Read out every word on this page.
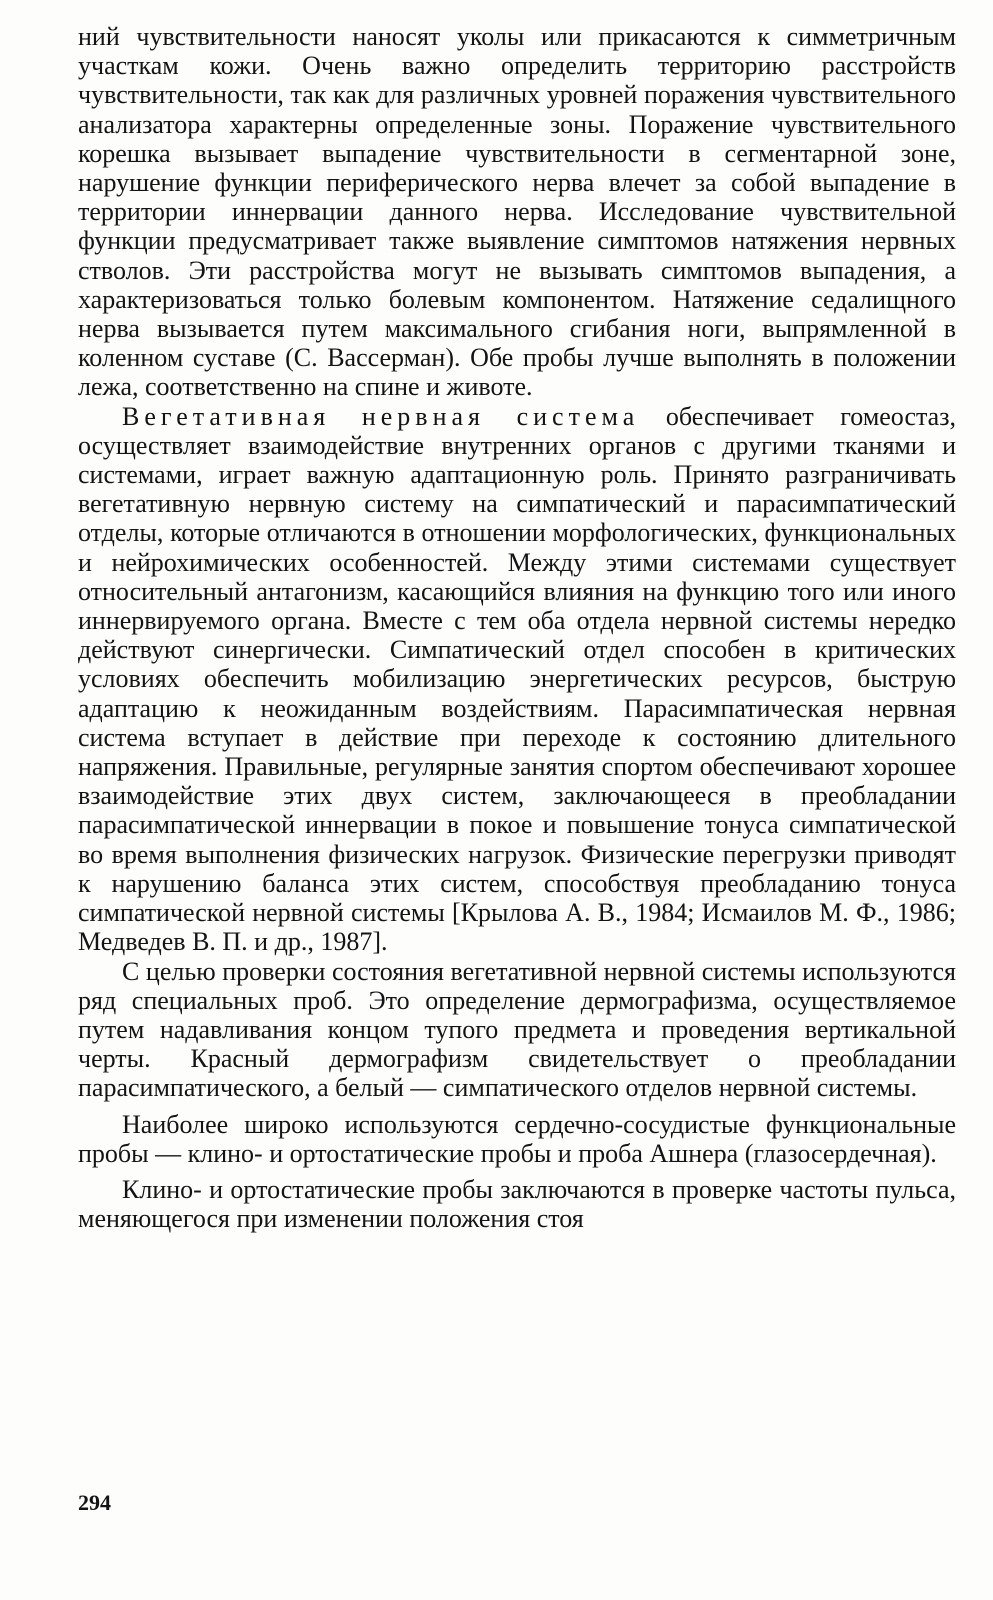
ний чувствительности наносят уколы или прикасаются к симметричным участкам кожи. Очень важно определить территорию расстройств чувствительности, так как для различных уровней поражения чувствительного анализатора характерны определенные зоны. Поражение чувствительного корешка вызывает выпадение чувствительности в сегментарной зоне, нарушение функции периферического нерва влечет за собой выпадение в территории иннервации данного нерва. Исследование чувствительной функции предусматривает также выявление симптомов натяжения нервных стволов. Эти расстройства могут не вызывать симптомов выпадения, а характеризоваться только болевым компонентом. Натяжение седалищного нерва вызывается путем максимального сгибания ноги, выпрямленной в коленном суставе (С. Вассерман). Обе пробы лучше выполнять в положении лежа, соответственно на спине и животе.

Вегетативная нервная система обеспечивает гомеостаз, осуществляет взаимодействие внутренних органов с другими тканями и системами, играет важную адаптационную роль. Принято разграничивать вегетативную нервную систему на симпатический и парасимпатический отделы, которые отличаются в отношении морфологических, функциональных и нейрохимических особенностей. Между этими системами существует относительный антагонизм, касающийся влияния на функцию того или иного иннервируемого органа. Вместе с тем оба отдела нервной системы нередко действуют синергически. Симпатический отдел способен в критических условиях обеспечить мобилизацию энергетических ресурсов, быструю адаптацию к неожиданным воздействиям. Парасимпатическая нервная система вступает в действие при переходе к состоянию длительного напряжения. Правильные, регулярные занятия спортом обеспечивают хорошее взаимодействие этих двух систем, заключающееся в преобладании парасимпатической иннервации в покое и повышение тонуса симпатической во время выполнения физических нагрузок. Физические перегрузки приводят к нарушению баланса этих систем, способствуя преобладанию тонуса симпатической нервной системы [Крылова А. В., 1984; Исмаилов М. Ф., 1986; Медведев В. П. и др., 1987].

С целью проверки состояния вегетативной нервной системы используются ряд специальных проб. Это определение дермографизма, осуществляемое путем надавливания концом тупого предмета и проведения вертикальной черты. Красный дермографизм свидетельствует о преобладании парасимпатического, а белый — симпатического отделов нервной системы.

Наиболее широко используются сердечно-сосудистые функциональные пробы — клино- и ортостатические пробы и проба Ашнера (глазосердечная).

Клино- и ортостатические пробы заключаются в проверке частоты пульса, меняющегося при изменении положения стоя

294
